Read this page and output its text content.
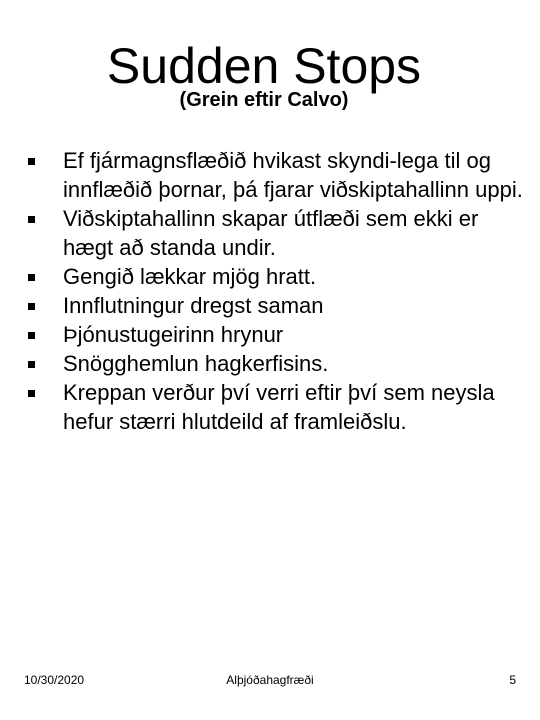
Sudden Stops
(Grein eftir Calvo)
Ef fjármagnsflæðið hvikast skyndi-lega til og innflæðið þornar, þá fjarar viðskiptahallinn uppi.
Viðskiptahallinn skapar útflæði sem ekki er hægt að standa undir.
Gengið lækkar mjög hratt.
Innflutningur dregst saman
Þjónustugeirinn hrynur
Snögghemlun hagkerfisins.
Kreppan verður því verri eftir því sem neysla hefur stærri hlutdeild af framleiðslu.
10/30/2020	Alþjóðahagfræði	5
